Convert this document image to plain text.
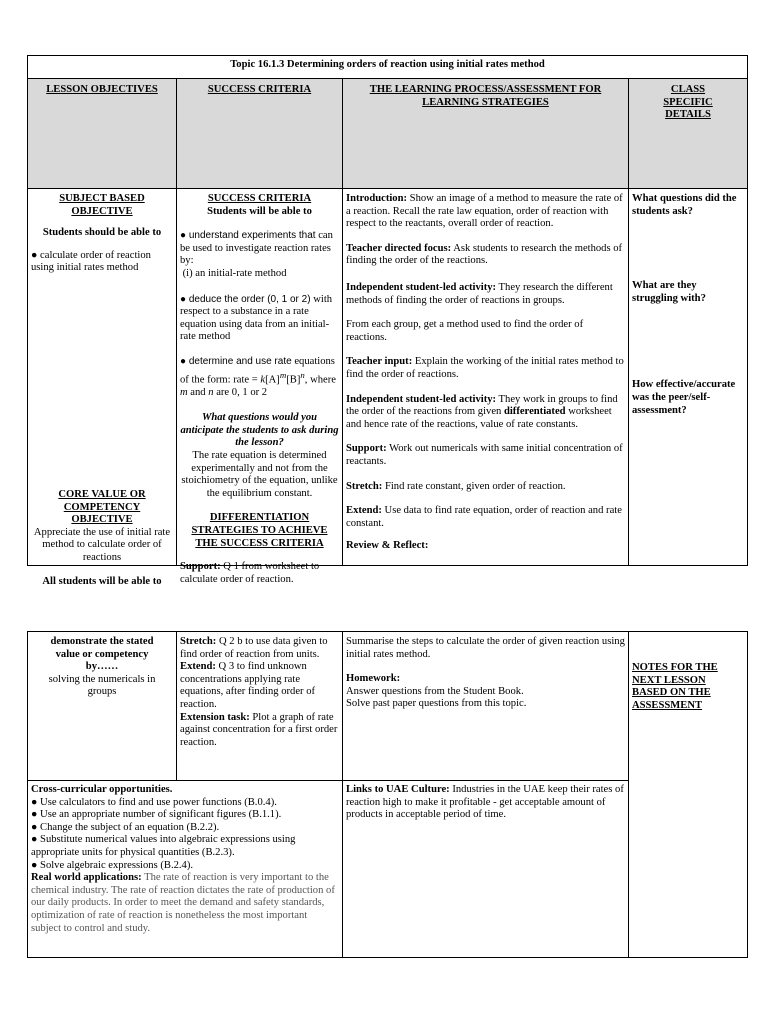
Topic 16.1.3 Determining orders of reaction using initial rates method
LESSON OBJECTIVES	SUCCESS CRITERIA	THE LEARNING PROCESS/ASSESSMENT FOR LEARNING STRATEGIES
CLASS SPECIFIC DETAILS

SUBJECT BASED OBJECTIVE

Students should be able to

● calculate order of reaction using initial rates method

CORE VALUE OR COMPETENCY OBJECTIVE

Appreciate the use of initial rate method to calculate order of reactions

All students will be able to

SUCCESS CRITERIA

Students will be able to

● understand experiments that can be used to investigate reaction rates by:
(i) an initial-rate method

● deduce the order (0, 1 or 2) with respect to a substance in a rate equation using data from an initial-rate method

● determine and use rate equations of the form: rate = $k[A]^m[B]^n$, where m and n are 0, 1 or 2

What questions would you anticipate the students to ask during the lesson?

The rate equation is determined experimentally and not from the stoichiometry of the equation, unlike the equilibrium constant.

DIFFERENTIATION STRATEGIES TO ACHIEVE THE SUCCESS CRITERIA

Support: Q 1 from worksheet to calculate order of reaction.

Introduction: Show an image of a method to measure the rate of a reaction. Recall the rate law equation, order of reaction with respect to the reactants, overall order of reaction.

Teacher directed focus: Ask students to research the methods of finding the order of the reactions.

Independent student-led activity: They research the different methods of finding the order of reactions in groups.

From each group, get a method used to find the order of reactions.

Teacher input: Explain the working of the initial rates method to find the order of reactions.

Independent student-led activity: They work in groups to find the order of the reactions from given differentiated worksheet and hence rate of the reactions, value of rate constants.

Support: Work out numericals with same initial concentration of reactants.

Stretch: Find rate constant, given order of reaction.

Extend: Use data to find rate equation, order of reaction and rate constant.

Review & Reflect:

What questions did the students ask?

What are they struggling with?

How effective/accurate was the peer/self-assessment?

demonstrate the stated value or competency by……

solving the numericals in groups

Stretch: Q 2 b to use data given to find order of reaction from units.

Extend: Q 3 to find unknown concentrations applying rate equations, after finding order of reaction.

Extension task: Plot a graph of rate against concentration for a first order reaction.

Summarise the steps to calculate the order of given reaction using initial rates method.

Homework:

Answer questions from the Student Book.

Solve past paper questions from this topic.

NOTES FOR THE NEXT LESSON BASED ON THE ASSESSMENT

Cross-curricular opportunities.

● Use calculators to find and use power functions (B.0.4).

● Use an appropriate number of significant figures (B.1.1).

● Change the subject of an equation (B.2.2).

● Substitute numerical values into algebraic expressions using appropriate units for physical quantities (B.2.3).

● Solve algebraic expressions (B.2.4).

Real world applications: The rate of reaction is very important to the chemical industry. The rate of reaction dictates the rate of production of our daily products. In order to meet the demand and safety standards, optimization of rate of reaction is nonetheless the most important subject to control and study.

Links to UAE Culture: Industries in the UAE keep their rates of reaction high to make it profitable - get acceptable amount of products in acceptable period of time.
